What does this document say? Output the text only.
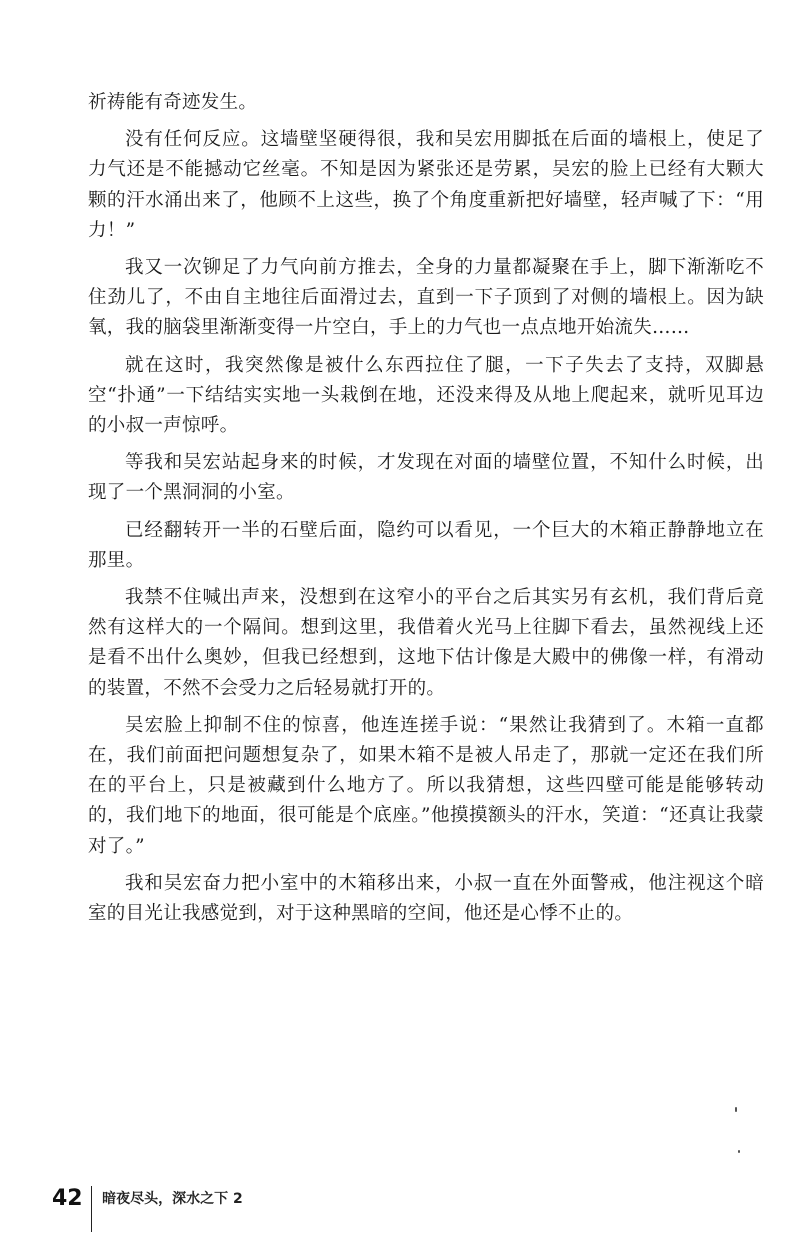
祈祷能有奇迹发生。

没有任何反应。这墙壁坚硬得很，我和吴宏用脚抵在后面的墙根上，使足了力气还是不能撼动它丝毫。不知是因为紧张还是劳累，吴宏的脸上已经有大颗大颗的汗水涌出来了，他顾不上这些，换了个角度重新把好墙壁，轻声喊了下：“用力！”

我又一次铆足了力气向前方推去，全身的力量都凝聚在手上，脚下渐渐吃不住劲儿了，不由自主地往后面滑过去，直到一下子顶到了对侧的墙根上。因为缺氧，我的脑袋里渐渐变得一片空白，手上的力气也一点点地开始流失……

就在这时，我突然像是被什么东西拉住了腿，一下子失去了支持，双脚悬空“扑通”一下结结实实地一头栽倒在地，还没来得及从地上爬起来，就听见耳边的小叔一声惊呼。

等我和吴宏站起身来的时候，才发现在对面的墙壁位置，不知什么时候，出现了一个黑洞洞的小室。

已经翻转开一半的石壁后面，隐约可以看见，一个巨大的木箱正静静地立在那里。

我禁不住喊出声来，没想到在这窄小的平台之后其实另有玄机，我们背后竟然有这样大的一个隔间。想到这里，我借着火光马上往脚下看去，虽然视线上还是看不出什么奥妙，但我已经想到，这地下估计像是大殿中的佛像一样，有滑动的装置，不然不会受力之后轻易就打开的。

吴宏脸上抑制不住的惊喜，他连连搓手说：“果然让我猜到了。木箱一直都在，我们前面把问题想复杂了，如果木箱不是被人吊走了，那就一定还在我们所在的平台上，只是被藏到什么地方了。所以我猜想，这些四壁可能是能够转动的，我们地下的地面，很可能是个底座。”他摸摸额头的汗水，笑道：“还真让我蒙对了。”

我和吴宏奋力把小室中的木箱移出来，小叔一直在外面警戒，他注视这个暗室的目光让我感觉到，对于这种黑暗的空间，他还是心悸不止的。

42	暗夜尽头，深水之下 2
